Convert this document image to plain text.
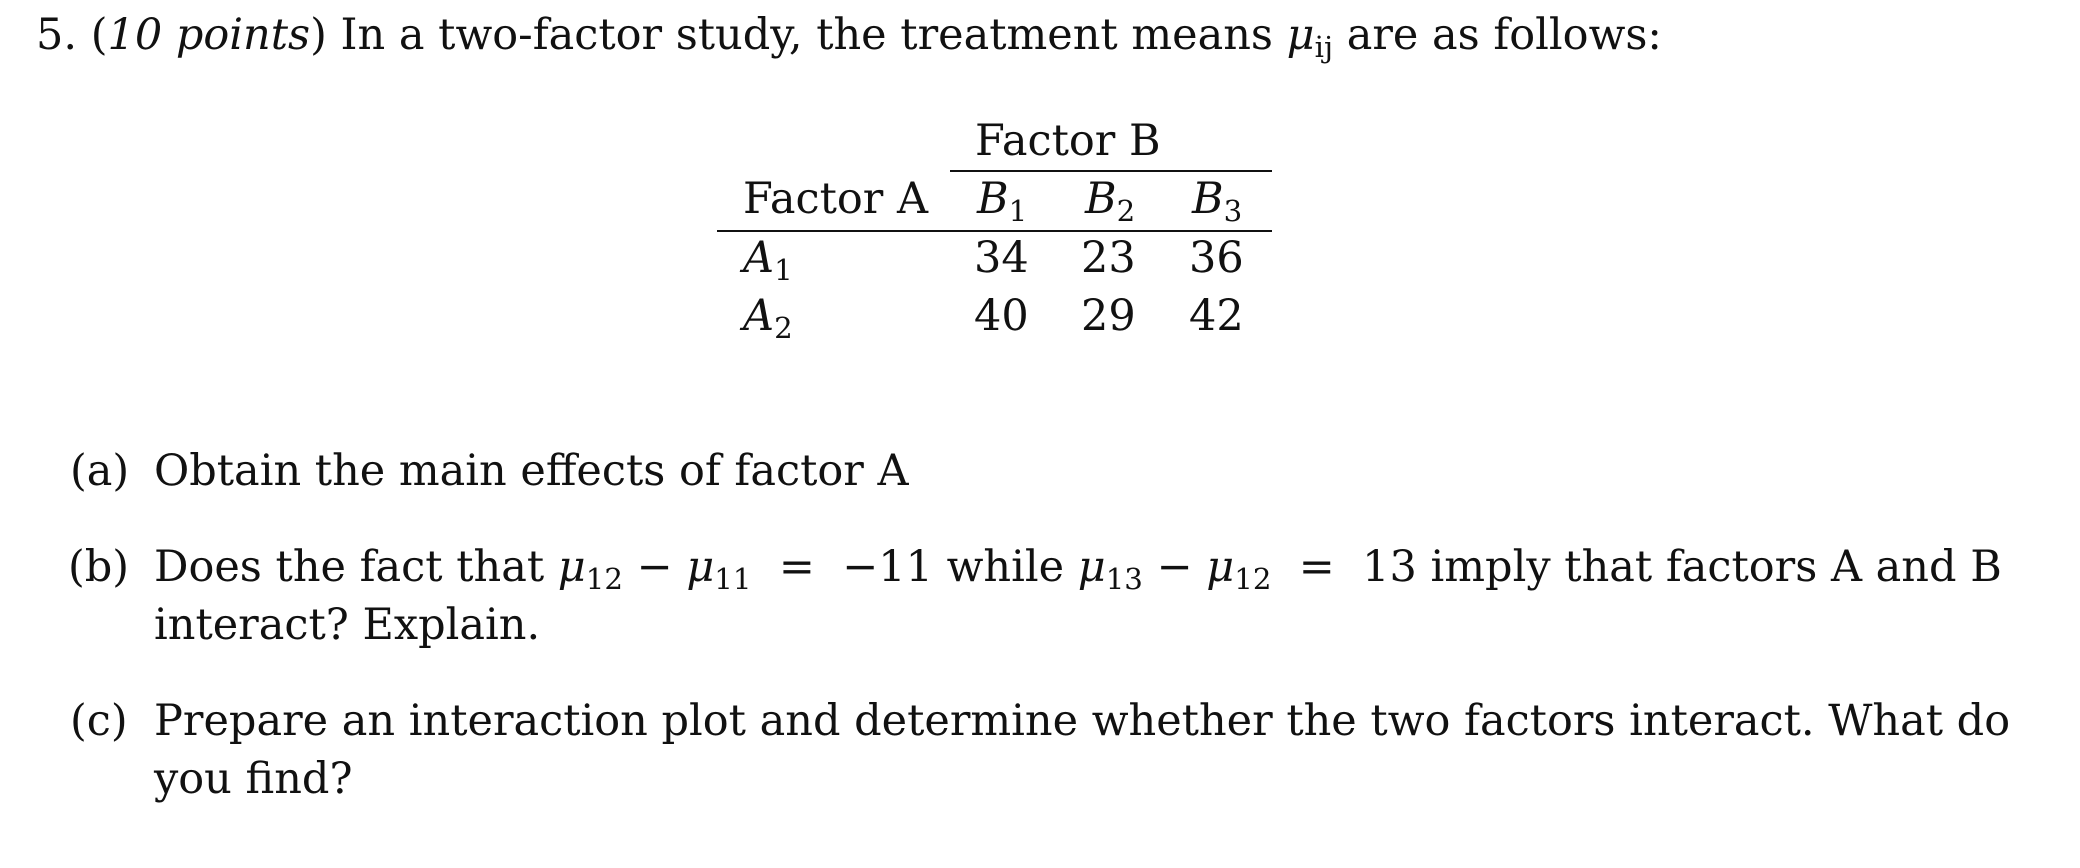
5. (10 points) In a two-factor study, the treatment means $\mu_{ij}$ are as follows:
Factor B
Factor A $B_1$ $B_2$ $B_3$
$A_1$	34 23 36
$A_2$	40 29 42
(a) Obtain the main effects of factor A
(b) Does the fact that $\mu_{12} - \mu_{11} = -11$ while $\mu_{13} - \mu_{12} = 13$ imply that factors A and B
interact? Explain.
(c) Prepare an interaction plot and determine whether the two factors interact. What do
you find?
